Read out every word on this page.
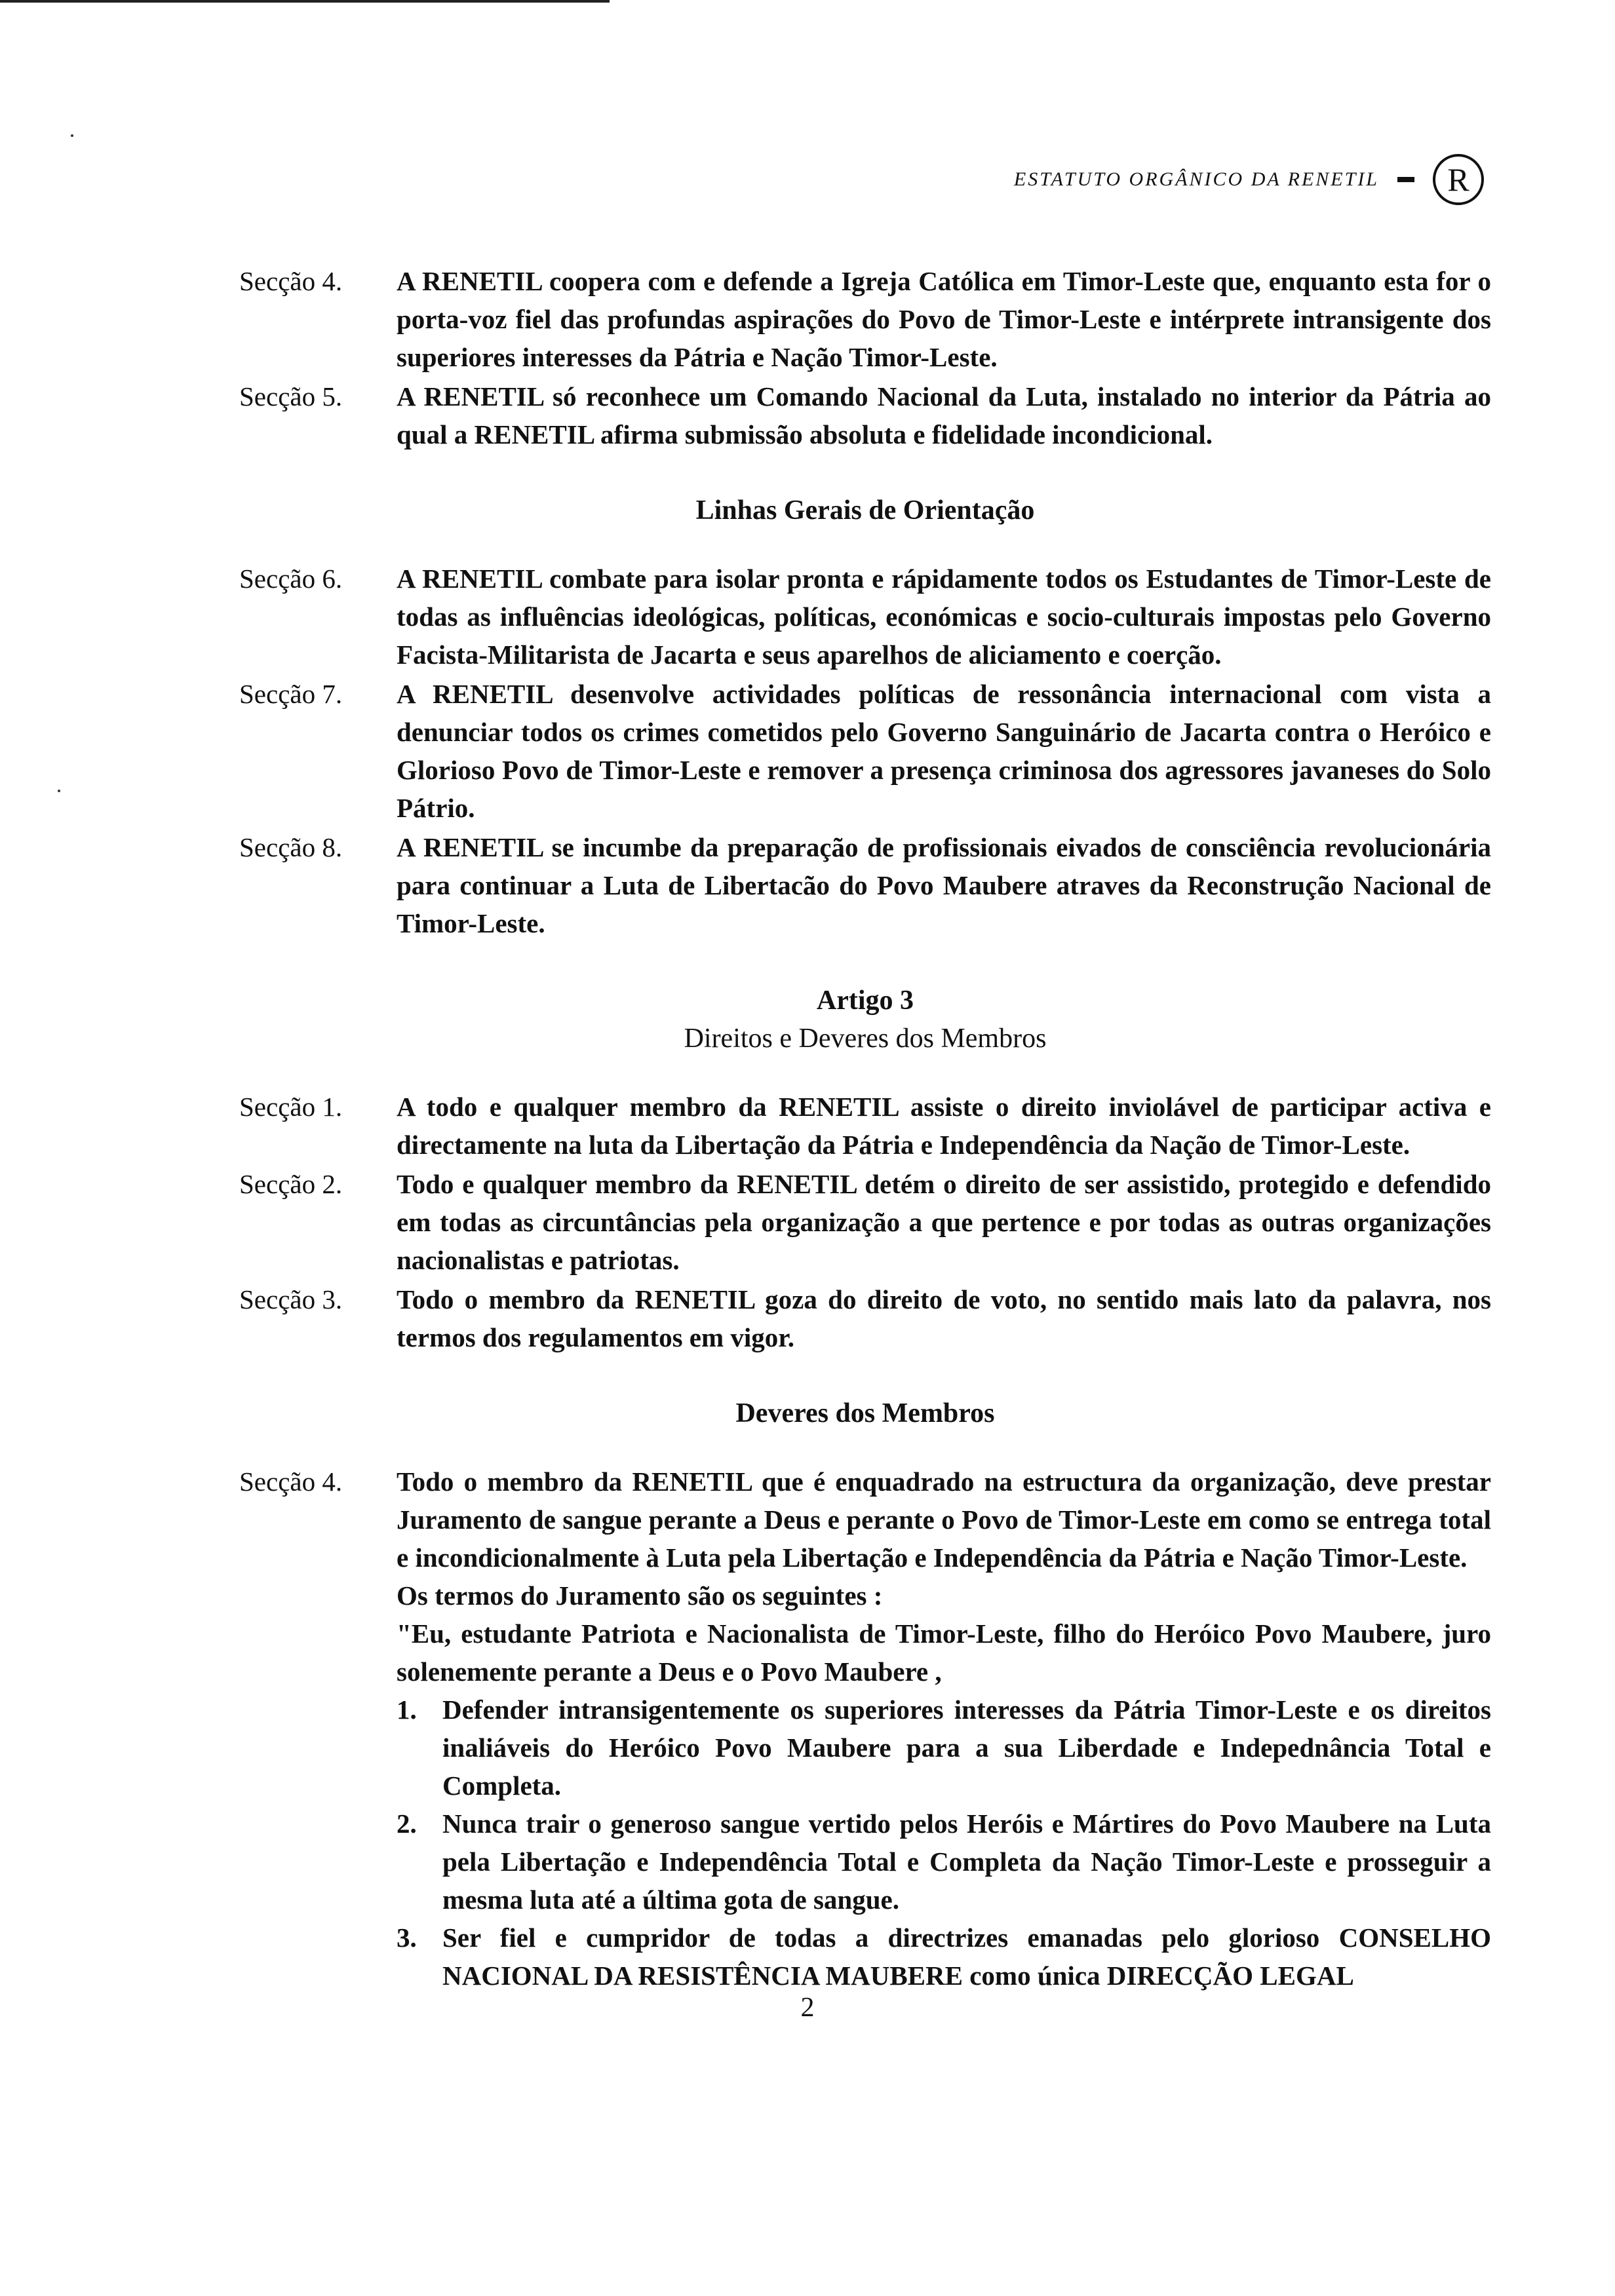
ESTATUTO ORGÂNICO DA RENETIL	R
Secção 4.	A RENETIL coopera com e defende a Igreja Católica em Timor-Leste que, enquanto esta for o porta-voz fiel das profundas aspirações do Povo de Timor-Leste e intérprete intransigente dos superiores interesses da Pátria e Nação Timor-Leste.
Secção 5.	A RENETIL só reconhece um Comando Nacional da Luta, instalado no interior da Pátria ao qual a RENETIL afirma submissão absoluta e fidelidade incondicional.
Linhas Gerais de Orientação
Secção 6.	A RENETIL combate para isolar pronta e rápidamente todos os Estudantes de Timor-Leste de todas as influências ideológicas, políticas, económicas e socio-culturais impostas pelo Governo Facista-Militarista de Jacarta e seus aparelhos de aliciamento e coerção.
Secção 7.	A RENETIL desenvolve actividades políticas de ressonância internacional com vista a denunciar todos os crimes cometidos pelo Governo Sanguinário de Jacarta contra o Heróico e Glorioso Povo de Timor-Leste e remover a presença criminosa dos agressores javaneses do Solo Pátrio.
Secção 8.	A RENETIL se incumbe da preparação de profissionais eivados de consciência revolucionária para continuar a Luta de Libertacão do Povo Maubere atraves da Reconstrução Nacional de Timor-Leste.
Artigo 3
Direitos e Deveres dos Membros
Secção 1.	A todo e qualquer membro da RENETIL assiste o direito inviolável de participar activa e directamente na luta da Libertação da Pátria e Independência da Nação de Timor-Leste.
Secção 2.	Todo e qualquer membro da RENETIL detém o direito de ser assistido, protegido e defendido em todas as circuntâncias pela organização a que pertence e por todas as outras organizações nacionalistas e patriotas.
Secção 3.	Todo o membro da RENETIL goza do direito de voto, no sentido mais lato da palavra, nos termos dos regulamentos em vigor.
Deveres dos Membros
Secção 4.	Todo o membro da RENETIL que é enquadrado na estructura da organização, deve prestar Juramento de sangue perante a Deus e perante o Povo de Timor-Leste em como se entrega total e incondicionalmente à Luta pela Libertação e Independência da Pátria e Nação Timor-Leste.
Os termos do Juramento são os seguintes :
"Eu, estudante Patriota e Nacionalista de Timor-Leste, filho do Heróico Povo Maubere, juro solenemente perante a Deus e o Povo Maubere ,
1. Defender intransigentemente os superiores interesses da Pátria Timor-Leste e os direitos inaliáveis do Heróico Povo Maubere para a sua Liberdade e Indepednância Total e Completa.
2. Nunca trair o generoso sangue vertido pelos Heróis e Mártires do Povo Maubere na Luta pela Libertação e Independência Total e Completa da Nação Timor-Leste e prosseguir a mesma luta até a última gota de sangue.
3. Ser fiel e cumpridor de todas a directrizes emanadas pelo glorioso CONSELHO NACIONAL DA RESISTÊNCIA MAUBERE como única DIRECÇÃO LEGAL
2
